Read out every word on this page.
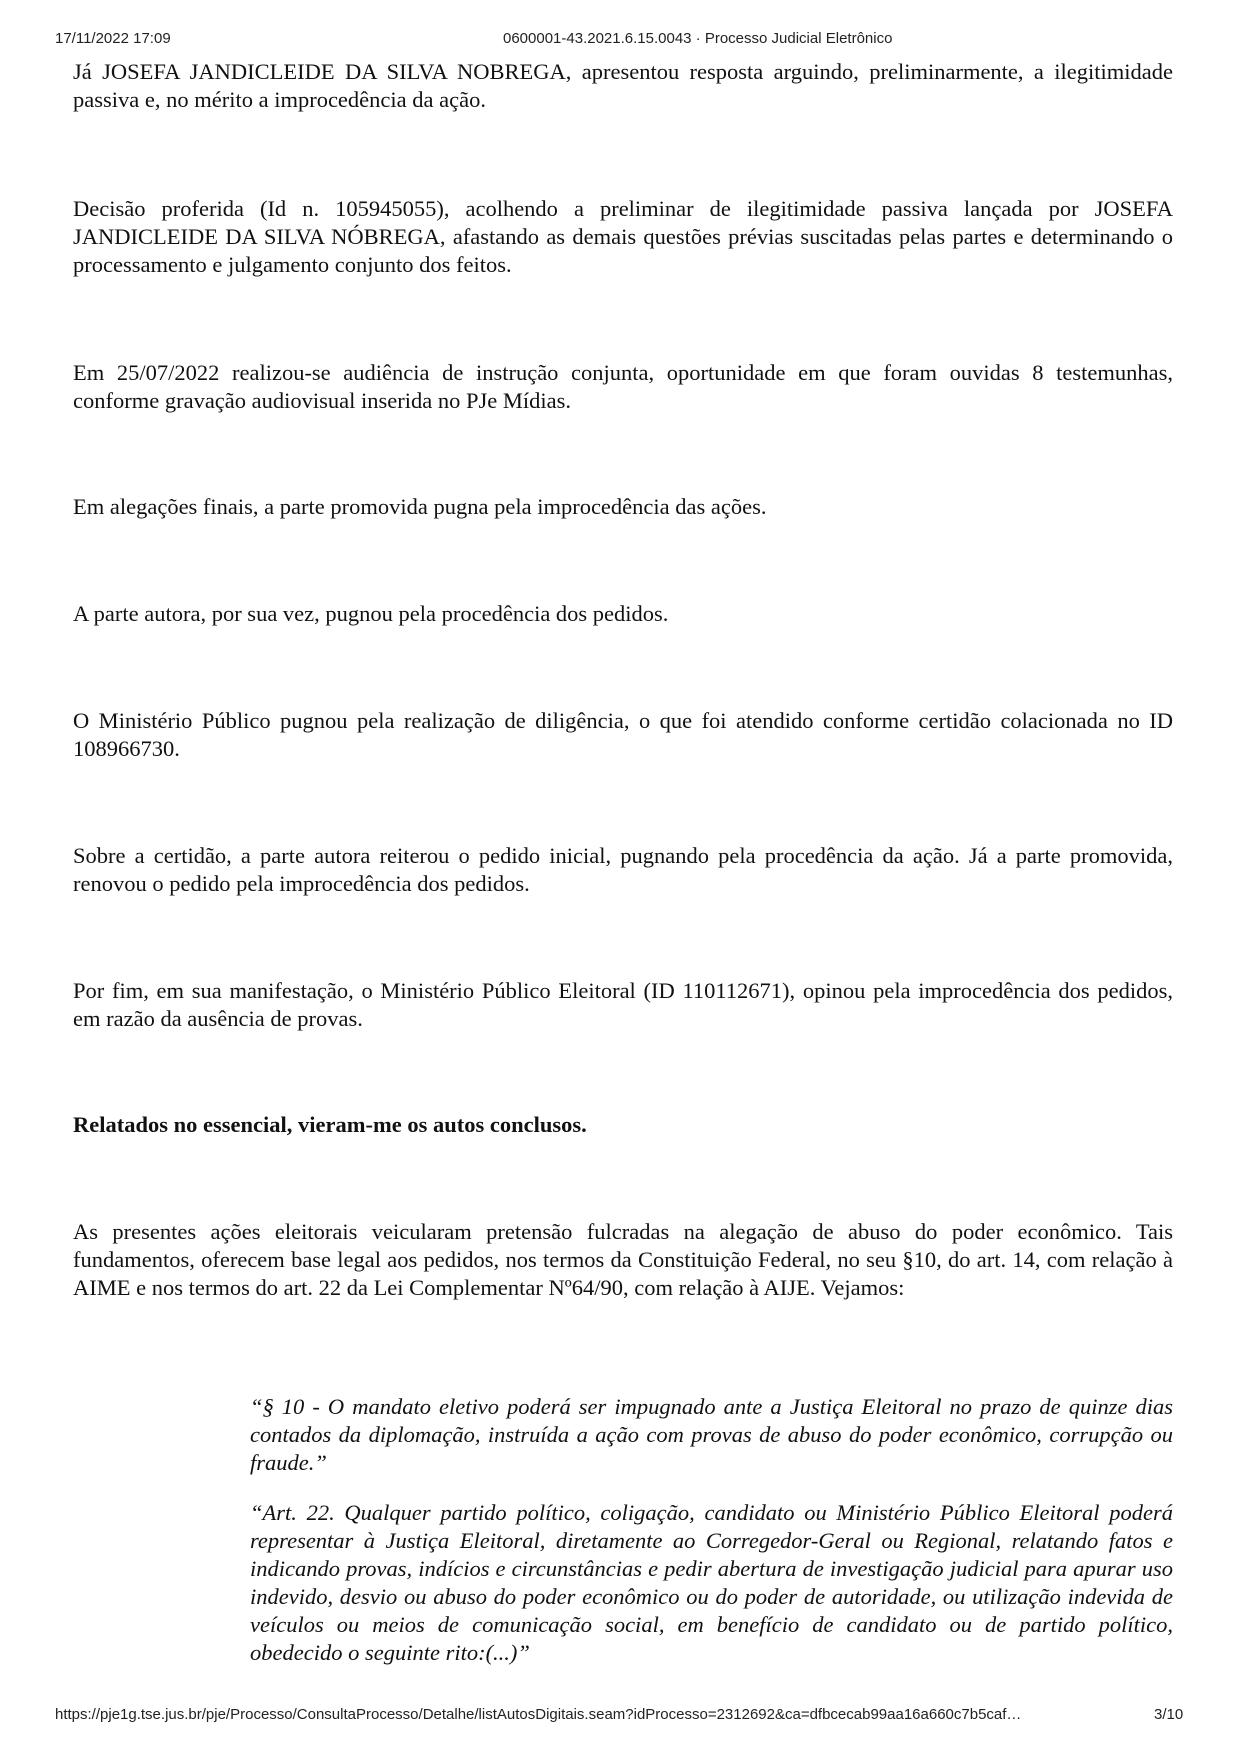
17/11/2022 17:09	0600001-43.2021.6.15.0043 · Processo Judicial Eletrônico

Já JOSEFA JANDICLEIDE DA SILVA NOBREGA, apresentou resposta arguindo, preliminarmente, a ilegitimidade passiva e, no mérito a improcedência da ação.

Decisão proferida (Id n. 105945055), acolhendo a preliminar de ilegitimidade passiva lançada por JOSEFA JANDICLEIDE DA SILVA NÓBREGA, afastando as demais questões prévias suscitadas pelas partes e determinando o processamento e julgamento conjunto dos feitos.

Em 25/07/2022 realizou-se audiência de instrução conjunta, oportunidade em que foram ouvidas 8 testemunhas, conforme gravação audiovisual inserida no PJe Mídias.

Em alegações finais, a parte promovida pugna pela improcedência das ações.

A parte autora, por sua vez, pugnou pela procedência dos pedidos.

O Ministério Público pugnou pela realização de diligência, o que foi atendido conforme certidão colacionada no ID 108966730.

Sobre a certidão, a parte autora reiterou o pedido inicial, pugnando pela procedência da ação. Já a parte promovida, renovou o pedido pela improcedência dos pedidos.

Por fim, em sua manifestação, o Ministério Público Eleitoral (ID 110112671), opinou pela improcedência dos pedidos, em razão da ausência de provas.

Relatados no essencial, vieram-me os autos conclusos.

As presentes ações eleitorais veicularam pretensão fulcradas na alegação de abuso do poder econômico. Tais fundamentos, oferecem base legal aos pedidos, nos termos da Constituição Federal, no seu §10, do art. 14, com relação à AIME e nos termos do art. 22 da Lei Complementar Nº64/90, com relação à AIJE. Vejamos:

“§ 10 - O mandato eletivo poderá ser impugnado ante a Justiça Eleitoral no prazo de quinze dias contados da diplomação, instruída a ação com provas de abuso do poder econômico, corrupção ou fraude.”

“Art. 22. Qualquer partido político, coligação, candidato ou Ministério Público Eleitoral poderá representar à Justiça Eleitoral, diretamente ao Corregedor-Geral ou Regional, relatando fatos e indicando provas, indícios e circunstâncias e pedir abertura de investigação judicial para apurar uso indevido, desvio ou abuso do poder econômico ou do poder de autoridade, ou utilização indevida de veículos ou meios de comunicação social, em benefício de candidato ou de partido político, obedecido o seguinte rito:(...)”

https://pje1g.tse.jus.br/pje/Processo/ConsultaProcesso/Detalhe/listAutosDigitais.seam?idProcesso=2312692&ca=dfbcecab99aa16a660c7b5caf…	3/10
